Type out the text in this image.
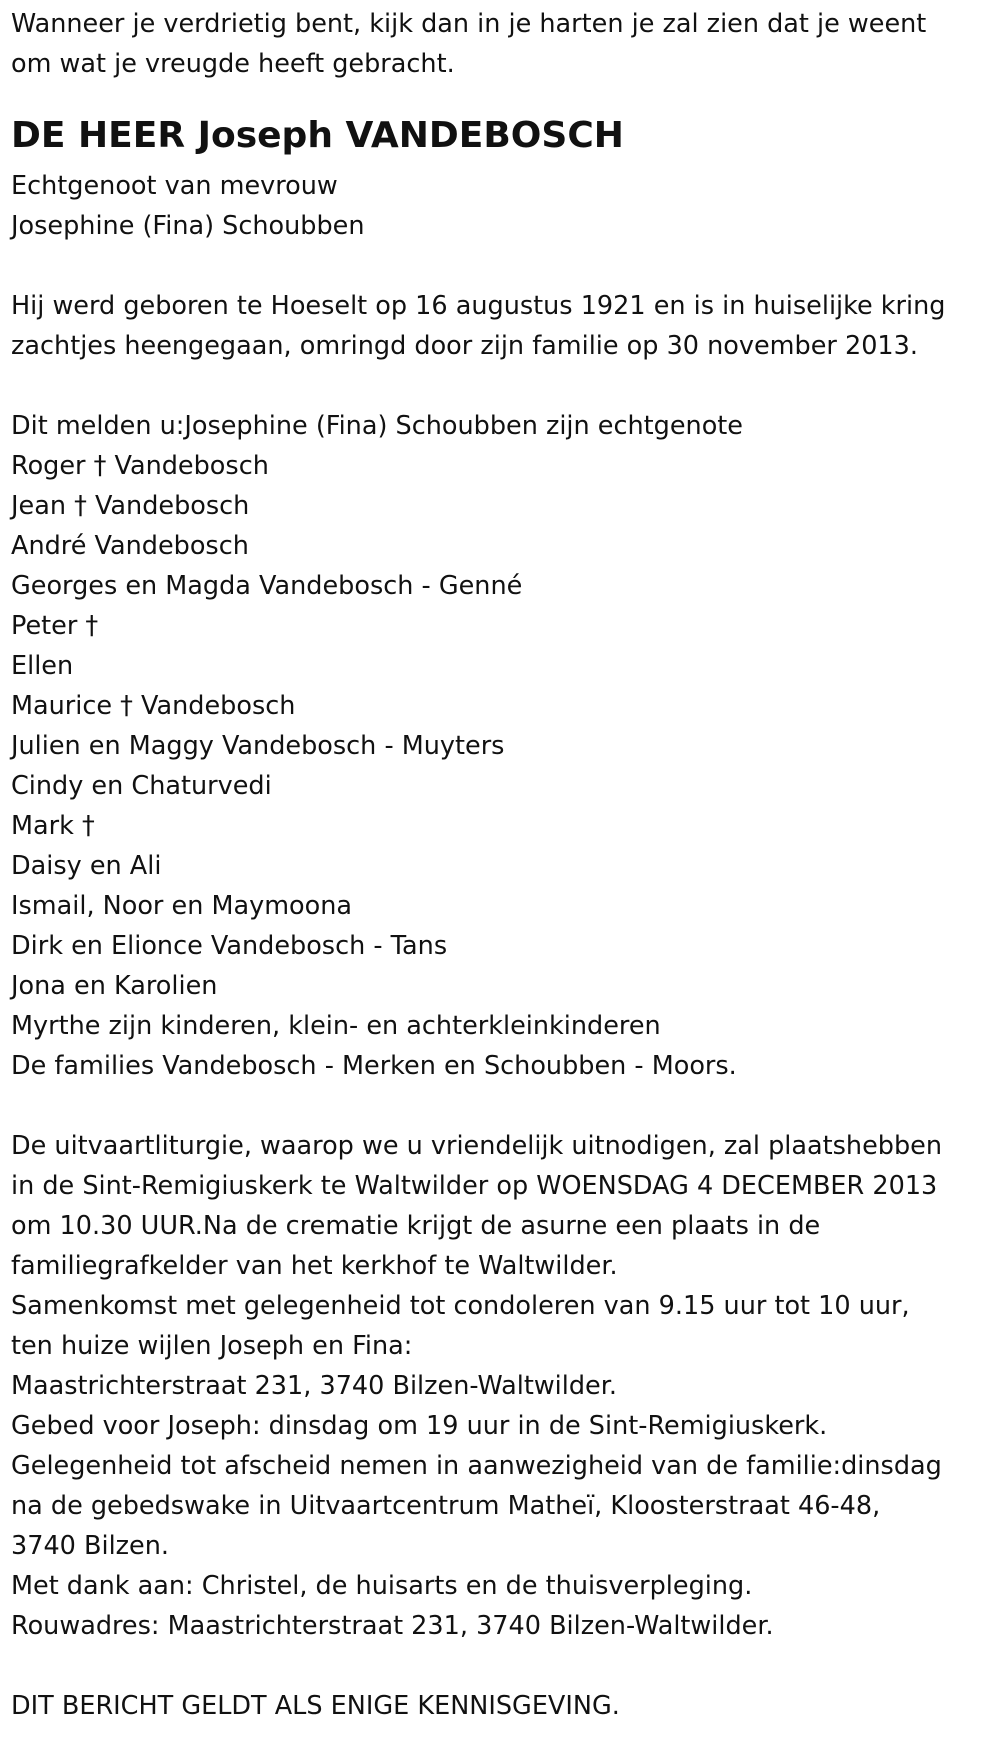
Wanneer je verdrietig bent, kijk dan in je harten je zal zien dat je weent

om wat je vreugde heeft gebracht.

DE HEER Joseph VANDEBOSCH

Echtgenoot van mevrouw

Josephine (Fina) Schoubben

Hij werd geboren te Hoeselt op 16 augustus 1921 en is in huiselijke kring

zachtjes heengegaan, omringd door zijn familie op 30 november 2013.

Dit melden u:Josephine (Fina) Schoubben zijn echtgenote

Roger † Vandebosch

Jean † Vandebosch

André Vandebosch

Georges en Magda Vandebosch - Genné

Peter †

Ellen

Maurice † Vandebosch

Julien en Maggy Vandebosch - Muyters

Cindy en Chaturvedi

Mark †

Daisy en Ali

Ismail, Noor en Maymoona

Dirk en Elionce Vandebosch - Tans

Jona en Karolien

Myrthe zijn kinderen, klein- en achterkleinkinderen

De families Vandebosch - Merken en Schoubben - Moors.

De uitvaartliturgie, waarop we u vriendelijk uitnodigen, zal plaatshebben

in de Sint-Remigiuskerk te Waltwilder op WOENSDAG 4 DECEMBER 2013

om 10.30 UUR.Na de crematie krijgt de asurne een plaats in de

familiegrafkelder van het kerkhof te Waltwilder.

Samenkomst met gelegenheid tot condoleren van 9.15 uur tot 10 uur,

ten huize wijlen Joseph en Fina:

Maastrichterstraat 231, 3740 Bilzen-Waltwilder.

Gebed voor Joseph: dinsdag om 19 uur in de Sint-Remigiuskerk.

Gelegenheid tot afscheid nemen in aanwezigheid van de familie:dinsdag

na de gebedswake in Uitvaartcentrum Matheï, Kloosterstraat 46-48,

3740 Bilzen.

Met dank aan: Christel, de huisarts en de thuisverpleging.

Rouwadres: Maastrichterstraat 231, 3740 Bilzen-Waltwilder.

DIT BERICHT GELDT ALS ENIGE KENNISGEVING.
